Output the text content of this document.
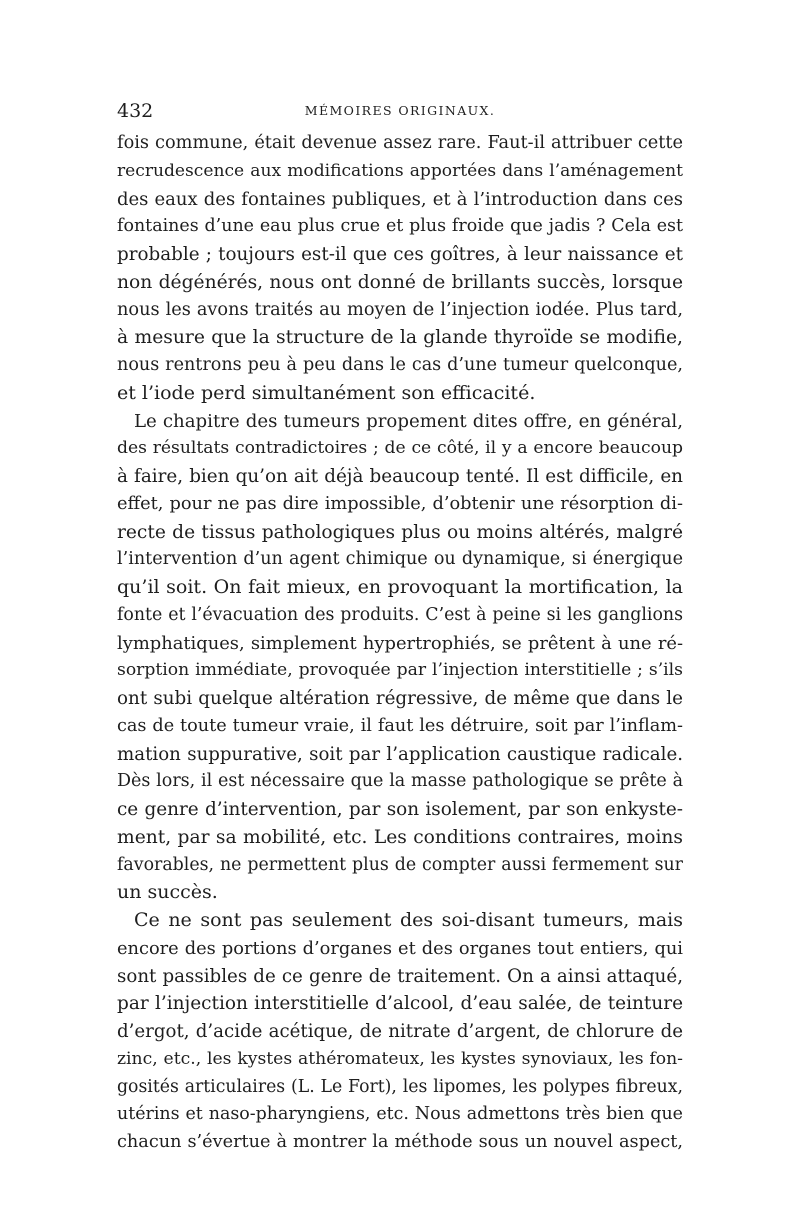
432	MÉMOIRES ORIGINAUX.
fois commune, était devenue assez rare. Faut-il attribuer cette
recrudescence aux modifications apportées dans l’aménagement
des eaux des fontaines publiques, et à l’introduction dans ces
fontaines d’une eau plus crue et plus froide que jadis ? Cela est
probable ; toujours est-il que ces goîtres, à leur naissance et
non dégénérés, nous ont donné de brillants succès, lorsque
nous les avons traités au moyen de l’injection iodée. Plus tard,
à mesure que la structure de la glande thyroïde se modifie,
nous rentrons peu à peu dans le cas d’une tumeur quelconque,
et l’iode perd simultanément son efficacité.
Le chapitre des tumeurs propement dites offre, en général,
des résultats contradictoires ; de ce côté, il y a encore beaucoup
à faire, bien qu’on ait déjà beaucoup tenté. Il est difficile, en
effet, pour ne pas dire impossible, d’obtenir une résorption di-
recte de tissus pathologiques plus ou moins altérés, malgré
l’intervention d’un agent chimique ou dynamique, si énergique
qu’il soit. On fait mieux, en provoquant la mortification, la
fonte et l’évacuation des produits. C’est à peine si les ganglions
lymphatiques, simplement hypertrophiés, se prêtent à une ré-
sorption immédiate, provoquée par l’injection interstitielle ; s’ils
ont subi quelque altération régressive, de même que dans le
cas de toute tumeur vraie, il faut les détruire, soit par l’inflam-
mation suppurative, soit par l’application caustique radicale.
Dès lors, il est nécessaire que la masse pathologique se prête à
ce genre d’intervention, par son isolement, par son enkyste-
ment, par sa mobilité, etc. Les conditions contraires, moins
favorables, ne permettent plus de compter aussi fermement sur
un succès.
Ce ne sont pas seulement des soi-disant tumeurs, mais
encore des portions d’organes et des organes tout entiers, qui
sont passibles de ce genre de traitement. On a ainsi attaqué,
par l’injection interstitielle d’alcool, d’eau salée, de teinture
d’ergot, d’acide acétique, de nitrate d’argent, de chlorure de
zinc, etc., les kystes athéromateux, les kystes synoviaux, les fon-
gosités articulaires (L. Le Fort), les lipomes, les polypes fibreux,
utérins et naso-pharyngiens, etc. Nous admettons très bien que
chacun s’évertue à montrer la méthode sous un nouvel aspect,
